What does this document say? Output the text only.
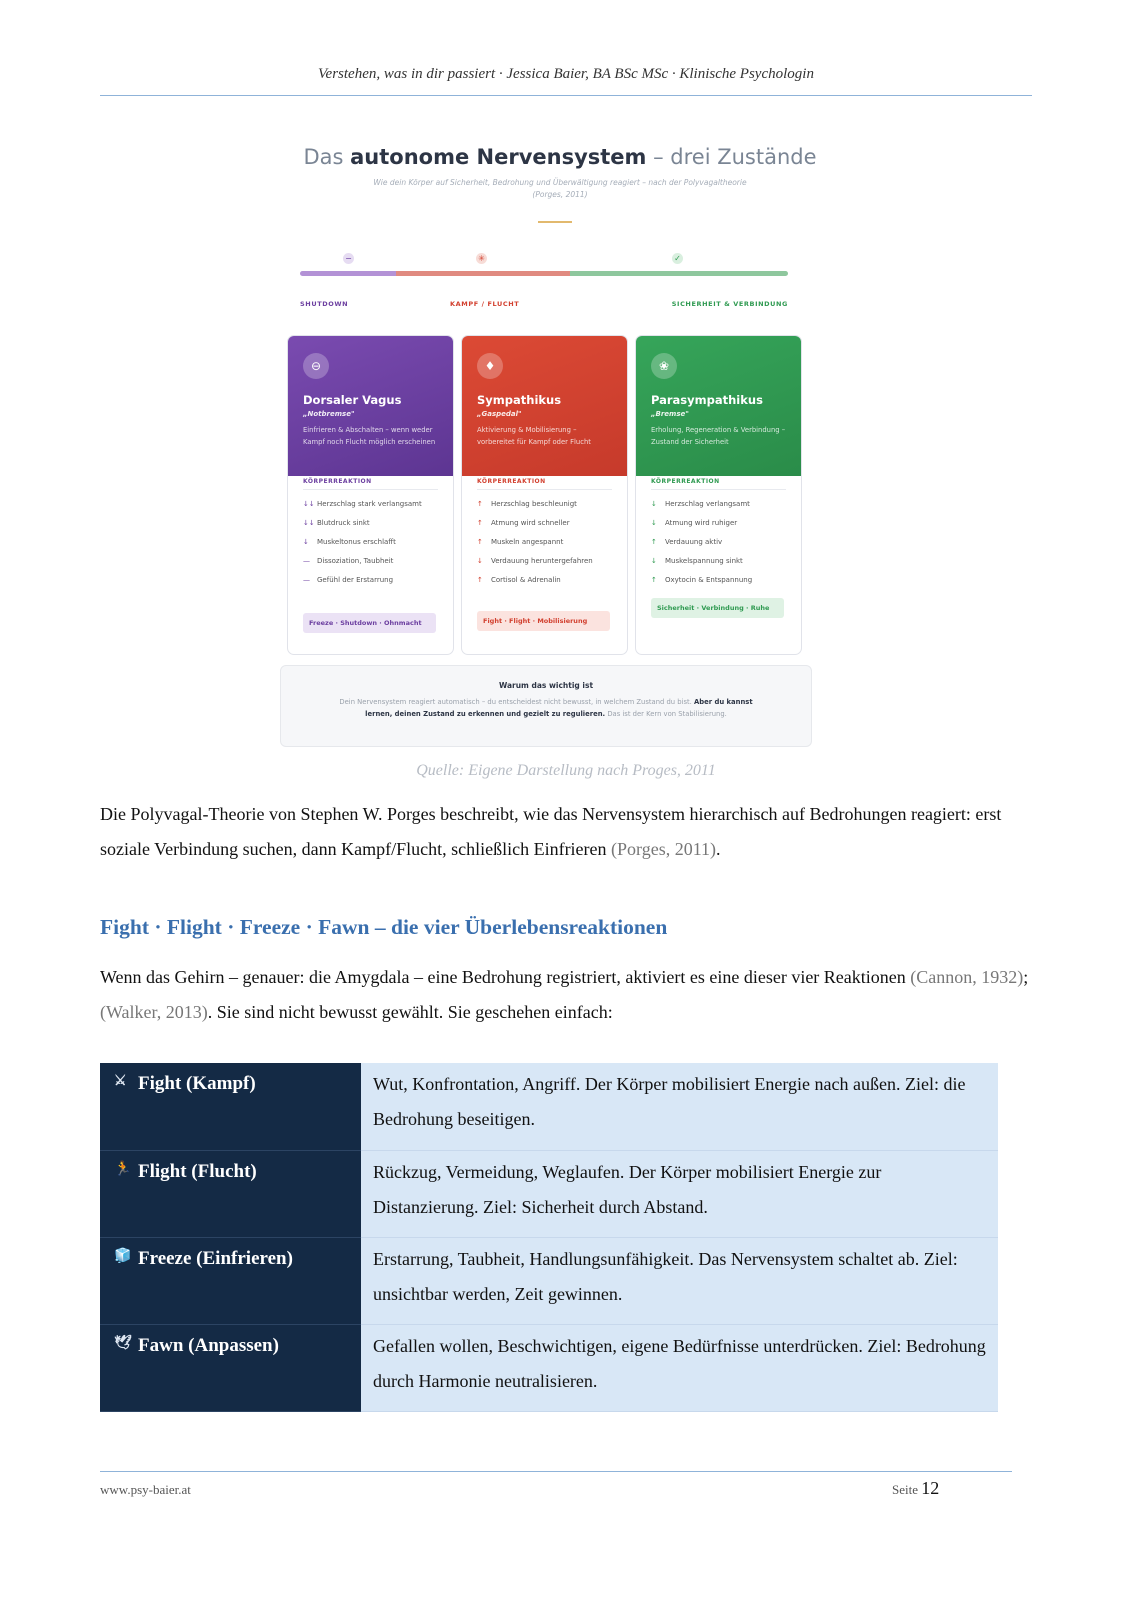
Verstehen, was in dir passiert · Jessica Baier, BA BSc MSc · Klinische Psychologin
Das autonome Nervensystem – drei Zustände
Wie dein Körper auf Sicherheit, Bedrohung und Überwältigung reagiert – nach der Polyvagaltheorie (Porges, 2011)
−	✳	✓
SHUTDOWN	KAMPF / FLUCHT	SICHERHEIT & VERBINDUNG
⊖
Dorsaler Vagus
„Notbremse"
Einfrieren & Abschalten – wenn weder Kampf noch Flucht möglich erscheinen
KÖRPERREAKTION
↓↓ Herzschlag stark verlangsamt
↓↓ Blutdruck sinkt
↓	Muskeltonus erschlafft
—	Dissoziation, Taubheit
—	Gefühl der Erstarrung
Freeze · Shutdown · Ohnmacht
♦
Sympathikus
„Gaspedal"
Aktivierung & Mobilisierung – vorbereitet für Kampf oder Flucht
KÖRPERREAKTION
↑	Herzschlag beschleunigt
↑	Atmung wird schneller
↑	Muskeln angespannt
↓	Verdauung heruntergefahren
↑	Cortisol & Adrenalin
Fight · Flight · Mobilisierung
❀
Parasympathikus
„Bremse"
Erholung, Regeneration & Verbindung – Zustand der Sicherheit
KÖRPERREAKTION
↓	Herzschlag verlangsamt
↓	Atmung wird ruhiger
↑	Verdauung aktiv
↓	Muskelspannung sinkt
↑	Oxytocin & Entspannung
Sicherheit · Verbindung · Ruhe
Warum das wichtig ist
Dein Nervensystem reagiert automatisch – du entscheidest nicht bewusst, in welchem Zustand du bist. Aber du kannst lernen, deinen Zustand zu erkennen und gezielt zu regulieren. Das ist der Kern von Stabilisierung.
Quelle: Eigene Darstellung nach Proges, 2011
Die Polyvagal-Theorie von Stephen W. Porges beschreibt, wie das Nervensystem hierarchisch auf Bedrohungen reagiert: erst soziale Verbindung suchen, dann Kampf/Flucht, schließlich Einfrieren (Porges, 2011).
Fight · Flight · Freeze · Fawn – die vier Überlebensreaktionen
Wenn das Gehirn – genauer: die Amygdala – eine Bedrohung registriert, aktiviert es eine dieser vier Reaktionen (Cannon, 1932); (Walker, 2013). Sie sind nicht bewusst gewählt. Sie geschehen einfach:
⚔ Fight (Kampf)	Wut, Konfrontation, Angriff. Der Körper mobilisiert Energie nach außen. Ziel: die Bedrohung beseitigen.
🏃 Flight (Flucht)	Rückzug, Vermeidung, Weglaufen. Der Körper mobilisiert Energie zur Distanzierung. Ziel: Sicherheit durch Abstand.
🧊 Freeze (Einfrieren)	Erstarrung, Taubheit, Handlungsunfähigkeit. Das Nervensystem schaltet ab. Ziel: unsichtbar werden, Zeit gewinnen.
🕊 Fawn (Anpassen)	Gefallen wollen, Beschwichtigen, eigene Bedürfnisse unterdrücken. Ziel: Bedrohung durch Harmonie neutralisieren.
www.psy-baier.at	Seite 12
